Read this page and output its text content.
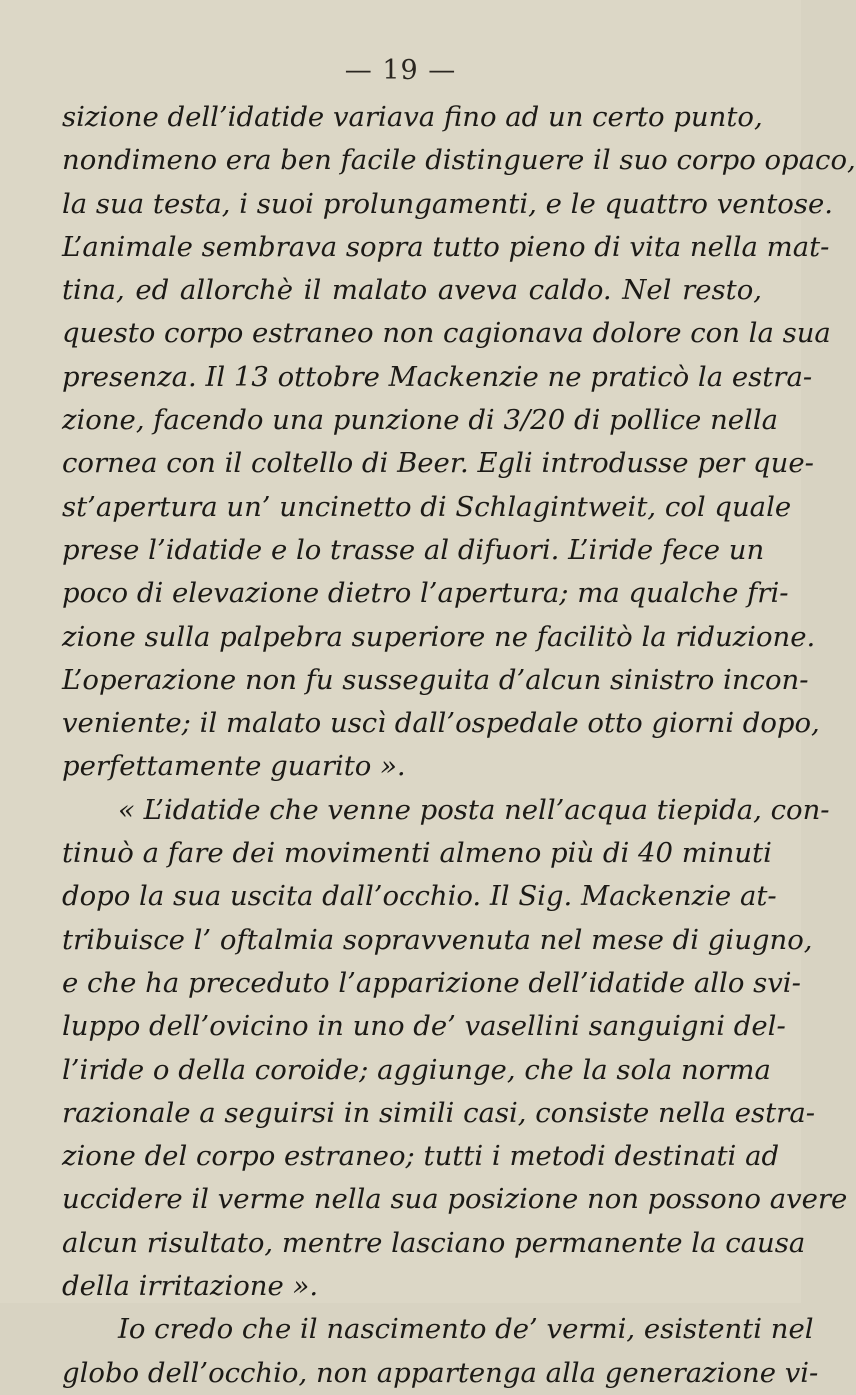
— 19 —
sizione dell’idatide variava fino ad un certo punto,
nondimeno era ben facile distinguere il suo corpo opaco,
la sua testa, i suoi prolungamenti, e le quattro ventose.
L’animale sembrava sopra tutto pieno di vita nella mat-
tina, ed allorchè il malato aveva caldo. Nel resto,
questo corpo estraneo non cagionava dolore con la sua
presenza. Il 13 ottobre Mackenzie ne praticò la estra-
zione, facendo una punzione di 3/20 di pollice nella
cornea con il coltello di Beer. Egli introdusse per que-
st’apertura un’ uncinetto di Schlagintweit, col quale
prese l’idatide e lo trasse al difuori. L’iride fece un
poco di elevazione dietro l’apertura; ma qualche fri-
zione sulla palpebra superiore ne facilitò la riduzione.
L’operazione non fu susseguita d’alcun sinistro incon-
veniente; il malato uscì dall’ospedale otto giorni dopo,
perfettamente guarito ».
« L’idatide che venne posta nell’acqua tiepida, con-
tinuò a fare dei movimenti almeno più di 40 minuti
dopo la sua uscita dall’occhio. Il Sig. Mackenzie at-
tribuisce l’ oftalmia sopravvenuta nel mese di giugno,
e che ha preceduto l’apparizione dell’idatide allo svi-
luppo dell’ovicino in uno de’ vasellini sanguigni del-
l’iride o della coroide; aggiunge, che la sola norma
razionale a seguirsi in simili casi, consiste nella estra-
zione del corpo estraneo; tutti i metodi destinati ad
uccidere il verme nella sua posizione non possono avere
alcun risultato, mentre lasciano permanente la causa
della irritazione ».
Io credo che il nascimento de’ vermi, esistenti nel
globo dell’occhio, non appartenga alla generazione vi-
